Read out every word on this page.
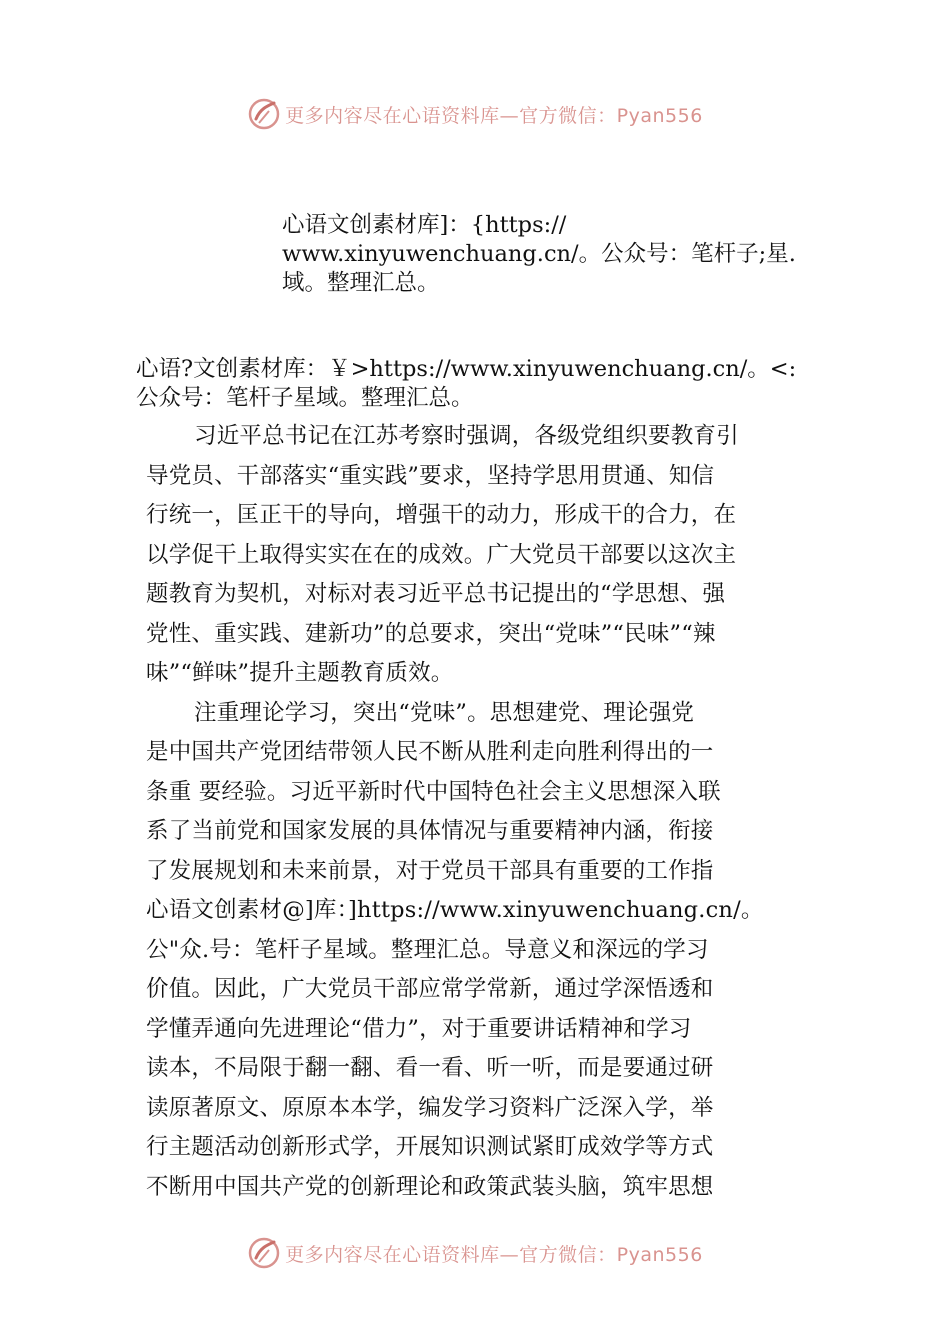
更多内容尽在心语资料库—官方微信：Pyan556
心语文创素材库]：{https://
www.xinyuwenchuang.cn/。公众号：笔杆子;星.
域。整理汇总。
心语?文创素材库：￥>https://www.xinyuwenchuang.cn/。<:
公众号：笔杆子星域。整理汇总。
习近平总书记在江苏考察时强调，各级党组织要教育引
导党员、干部落实“重实践”要求，坚持学思用贯通、知信
行统一，匡正干的导向，增强干的动力，形成干的合力，在
以学促干上取得实实在在的成效。广大党员干部要以这次主
题教育为契机，对标对表习近平总书记提出的“学思想、强
党性、重实践、建新功”的总要求，突出“党味”“民味”“辣
味”“鲜味”提升主题教育质效。
注重理论学习，突出“党味”。思想建党、理论强党
是中国共产党团结带领人民不断从胜利走向胜利得出的一
条重 要经验。习近平新时代中国特色社会主义思想深入联
系了当前党和国家发展的具体情况与重要精神内涵，衔接
了发展规划和未来前景，对于党员干部具有重要的工作指
心语文创素材@]库：]https://www.xinyuwenchuang.cn/。
公"众.号：笔杆子星域。整理汇总。导意义和深远的学习
价值。因此，广大党员干部应常学常新，通过学深悟透和
学懂弄通向先进理论“借力”，对于重要讲话精神和学习
读本，不局限于翻一翻、看一看、听一听，而是要通过研
读原著原文、原原本本学，编发学习资料广泛深入学，举
行主题活动创新形式学，开展知识测试紧盯成效学等方式
不断用中国共产党的创新理论和政策武装头脑，筑牢思想
更多内容尽在心语资料库—官方微信：Pyan556
